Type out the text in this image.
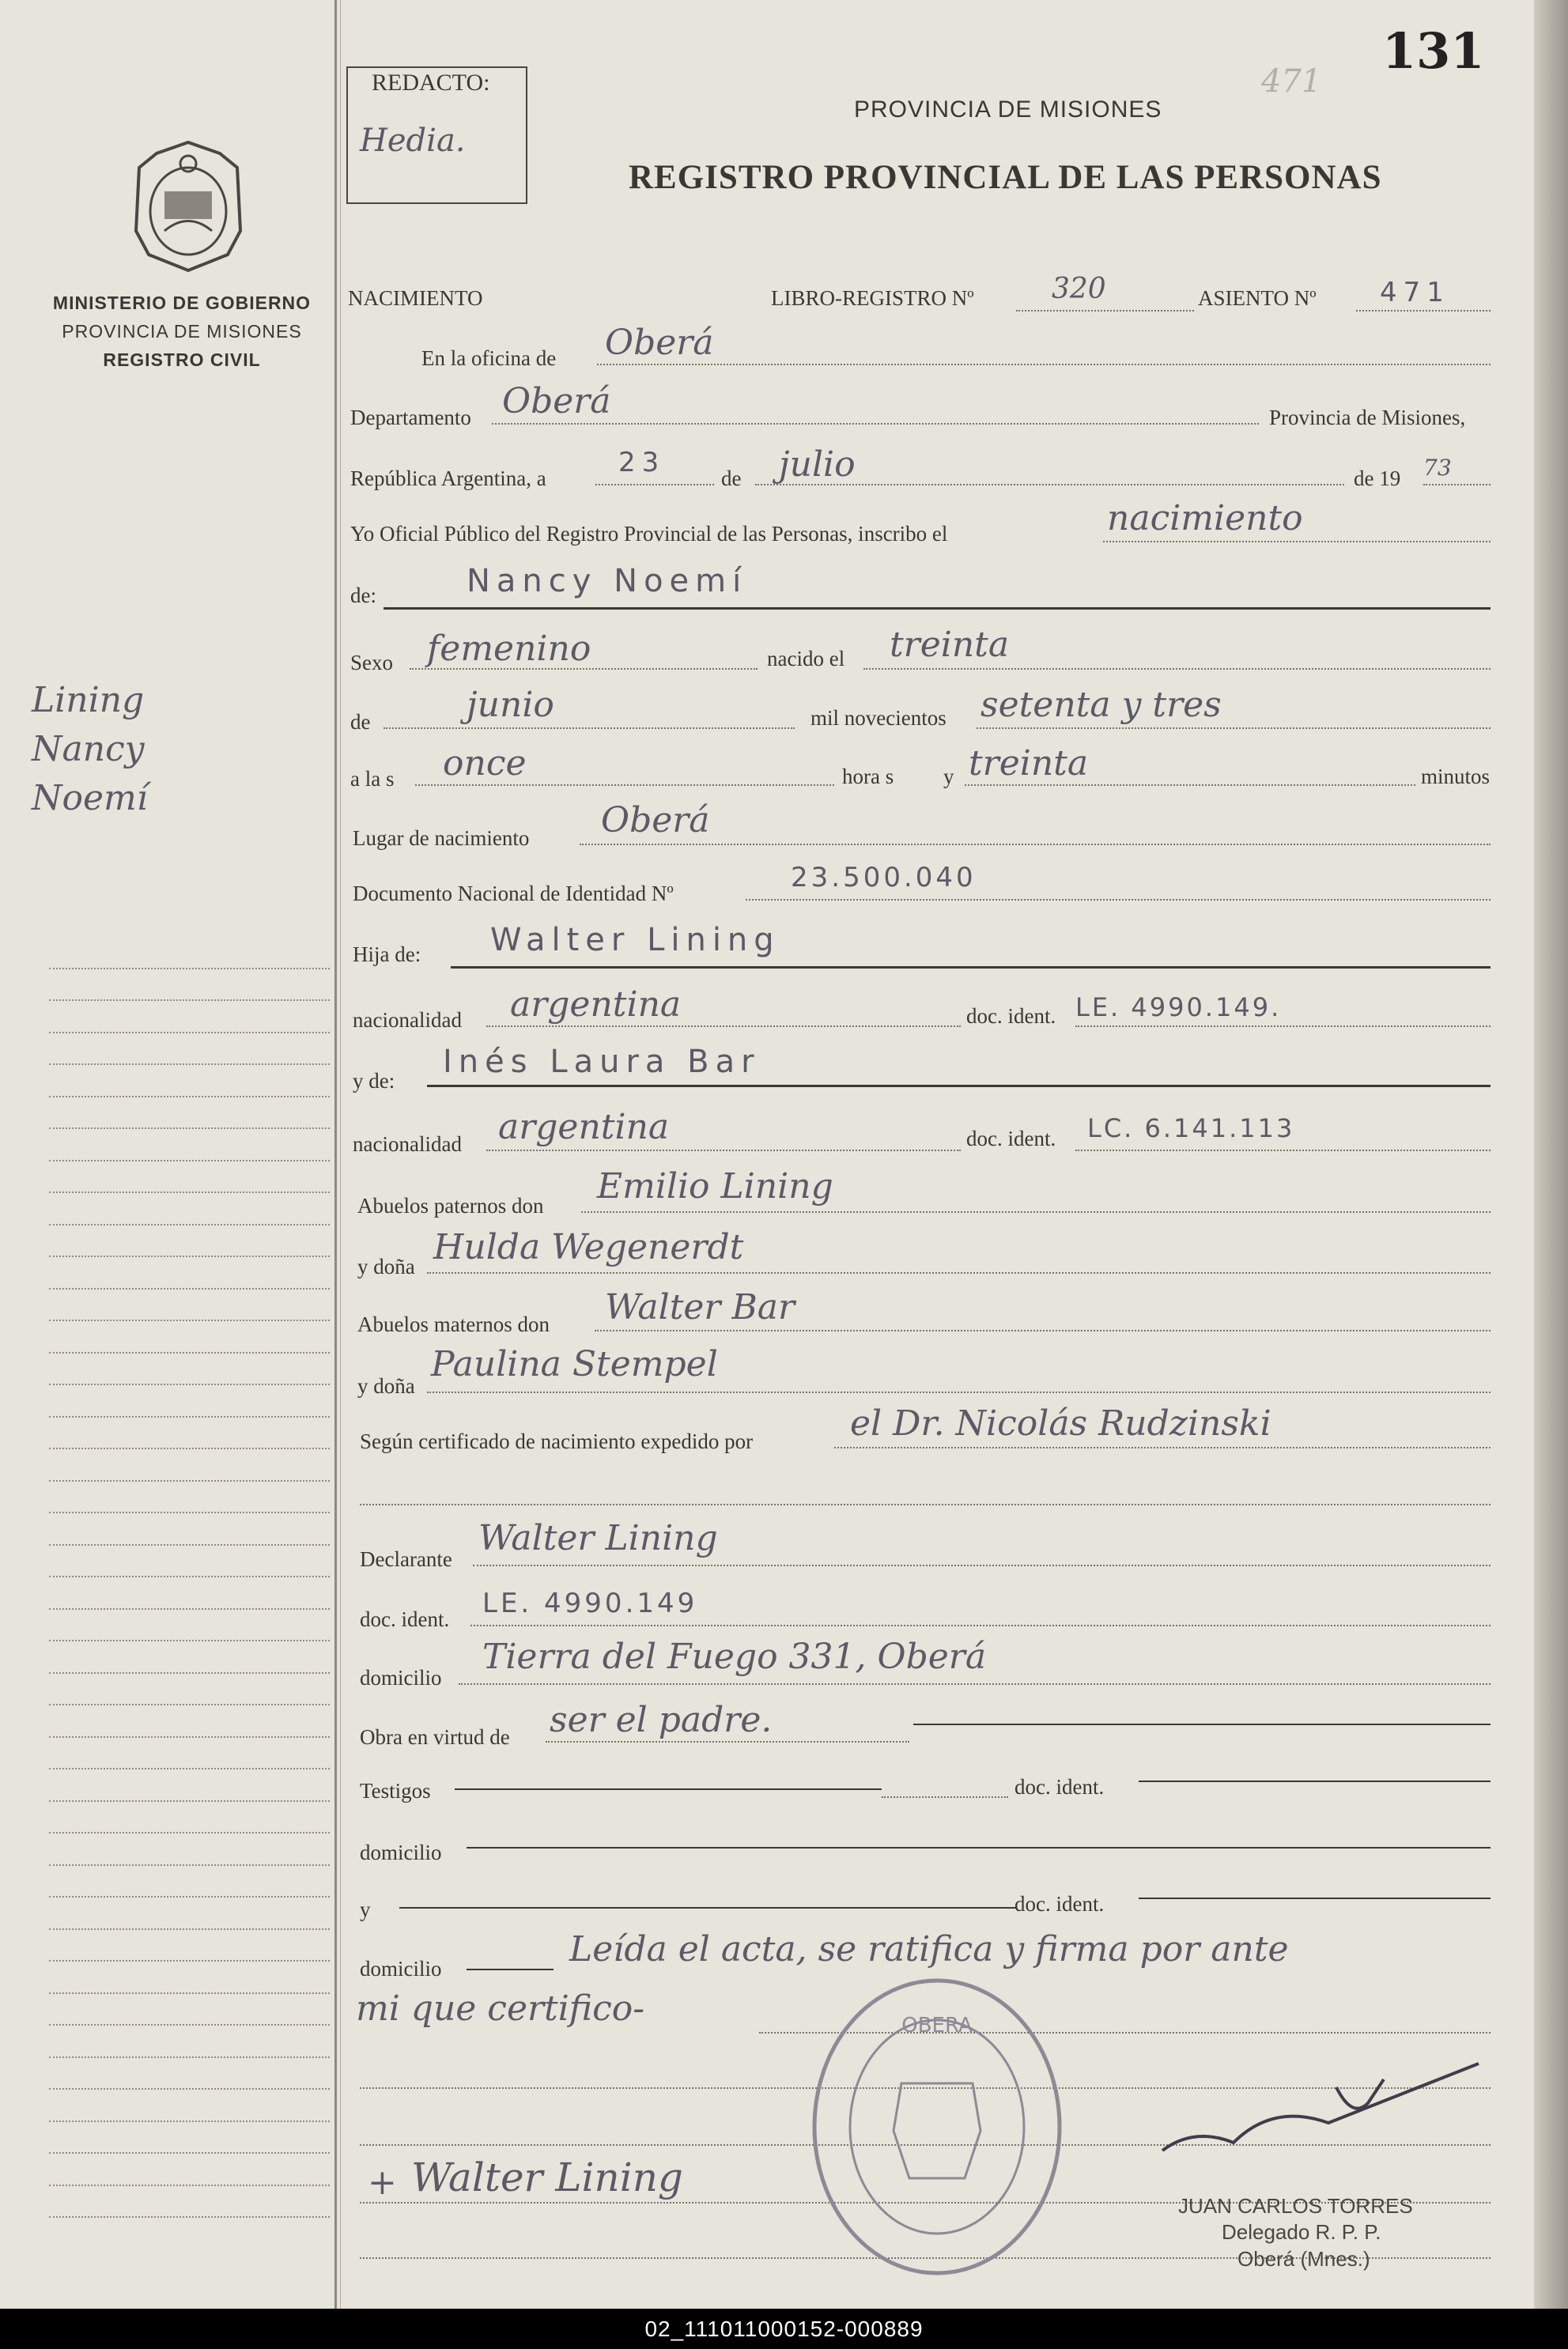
131
471
REDACTO:
Hedia.
PROVINCIA DE MISIONES
REGISTRO PROVINCIAL DE LAS PERSONAS
MINISTERIO DE GOBIERNO
PROVINCIA DE MISIONES
REGISTRO CIVIL
Lining
Nancy
Noemí
NACIMIENTO	LIBRO-REGISTRO Nº	320	ASIENTO Nº 471
En la oficina de Oberá
Departamento Oberá	Provincia de Misiones,
República Argentina, a	23	de julio	de 19 73
Yo Oficial Público del Registro Provincial de las Personas, inscribo el	nacimiento
de:	Nancy Noemí
Sexo femenino	nacido el treinta
de	junio	mil novecientos setenta y tres
a la s once	hora s y treinta	minutos
Lugar de nacimiento Oberá
Documento Nacional de Identidad Nº	23.500.040
Hija de: Walter Lining
nacionalidad argentina	doc. ident. LE. 4990.149.
y de:
Inés Laura Bar
nacionalidad argentina	doc. ident. LC. 6.141.113
Abuelos paternos don Emilio Lining
y doña Hulda Wegenerdt
Abuelos maternos don Walter Bar
y doña
Paulina Stempel
Según certificado de nacimiento expedido por	el Dr. Nicolás Rudzinski
Declarante
Walter Lining
doc. ident. LE. 4990.149
domicilio
Tierra del Fuego 331, Oberá
Obra en virtud de ser el padre.
Testigos	doc. ident.
domicilio
y	doc. ident.
domicilio	Leída el acta, se ratifica y firma por ante
mi que certifico-
+ Walter Lining
OBERA
JUAN CARLOS TORRES
Delegado R. P. P.
Oberá (Mnes.)
02_111011000152-000889
